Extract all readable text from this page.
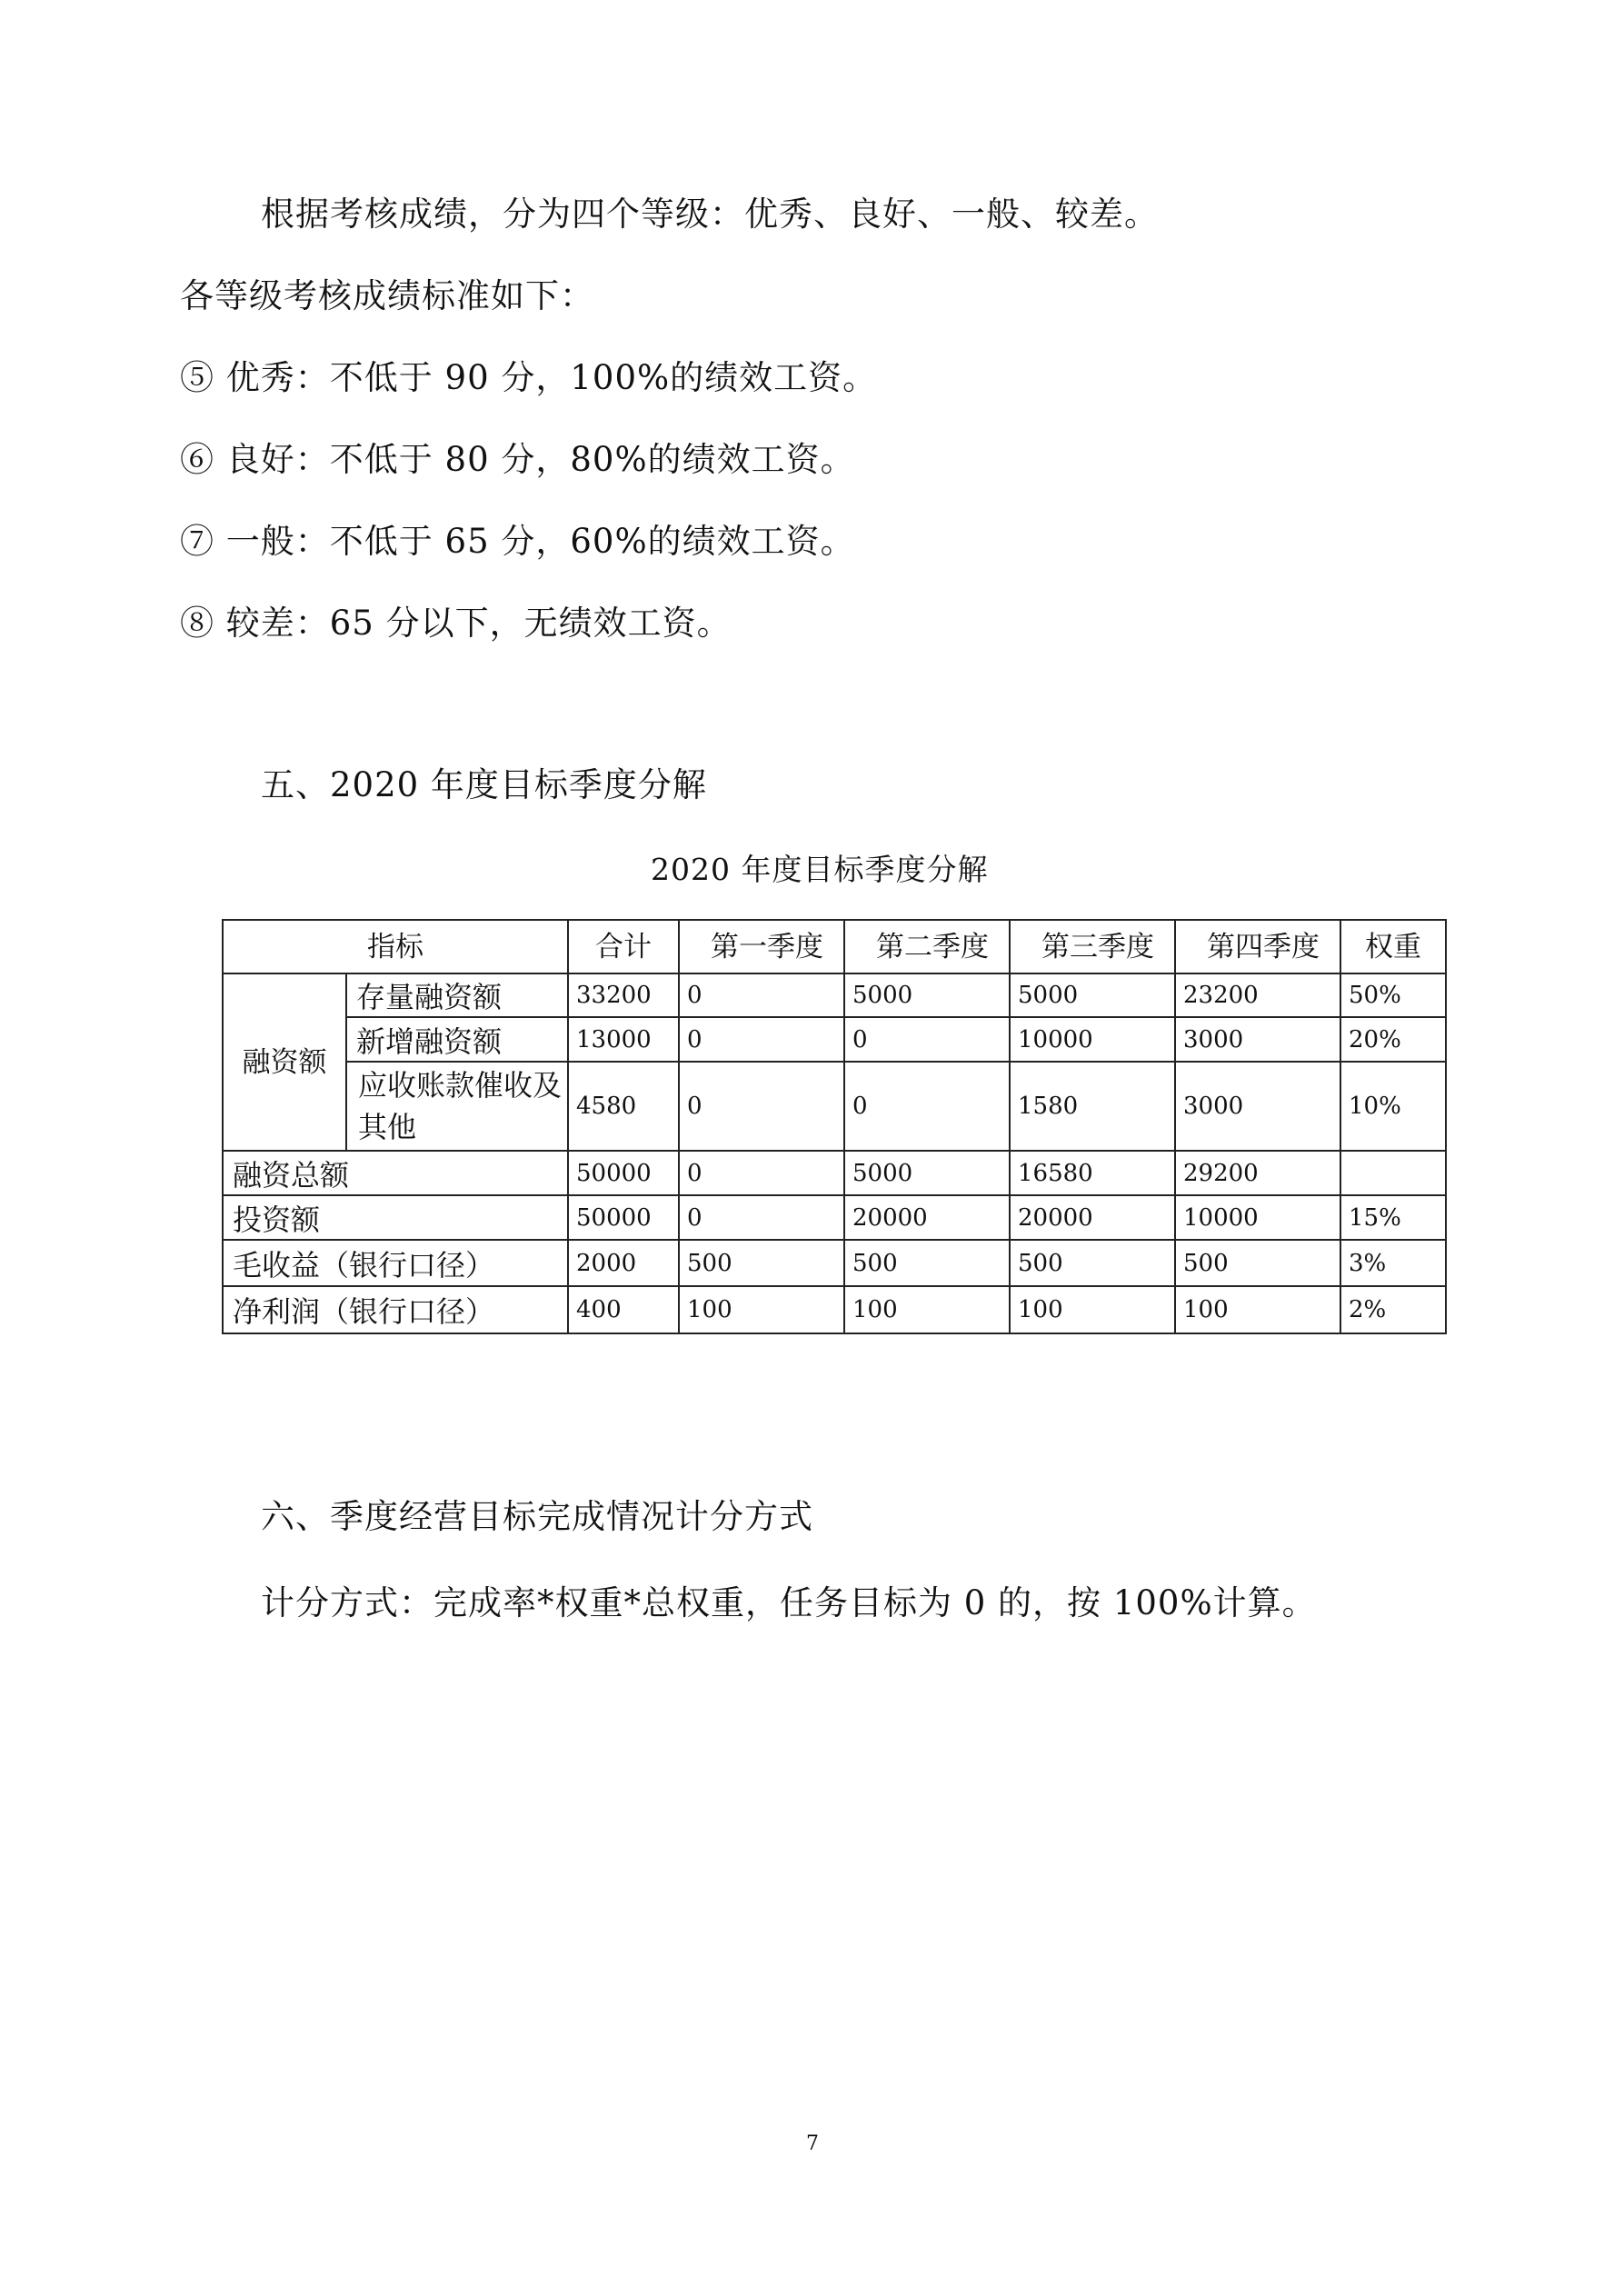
根据考核成绩，分为四个等级：优秀、良好、一般、较差。
各等级考核成绩标准如下：
⑤ 优秀：不低于 90 分，100%的绩效工资。
⑥ 良好：不低于 80 分，80%的绩效工资。
⑦ 一般：不低于 65 分，60%的绩效工资。
⑧ 较差：65 分以下，无绩效工资。
五、2020 年度目标季度分解
2020 年度目标季度分解
指标		合计	第一季度	第二季度	第三季度	第四季度	权重
融资额	存量融资额	33200	0	5000	5000	23200	50%
	新增融资额	13000	0	0	10000	3000	20%
	应收账款催收及其他	4580	0	0	1580	3000	10%
融资总额		50000	0	5000	16580	29200	
投资额		50000	0	20000	20000	10000	15%
毛收益（银行口径）		2000	500	500	500	500	3%
净利润（银行口径）		400	100	100	100	100	2%
六、季度经营目标完成情况计分方式
计分方式：完成率*权重*总权重，任务目标为 0 的，按 100%计算。
7
